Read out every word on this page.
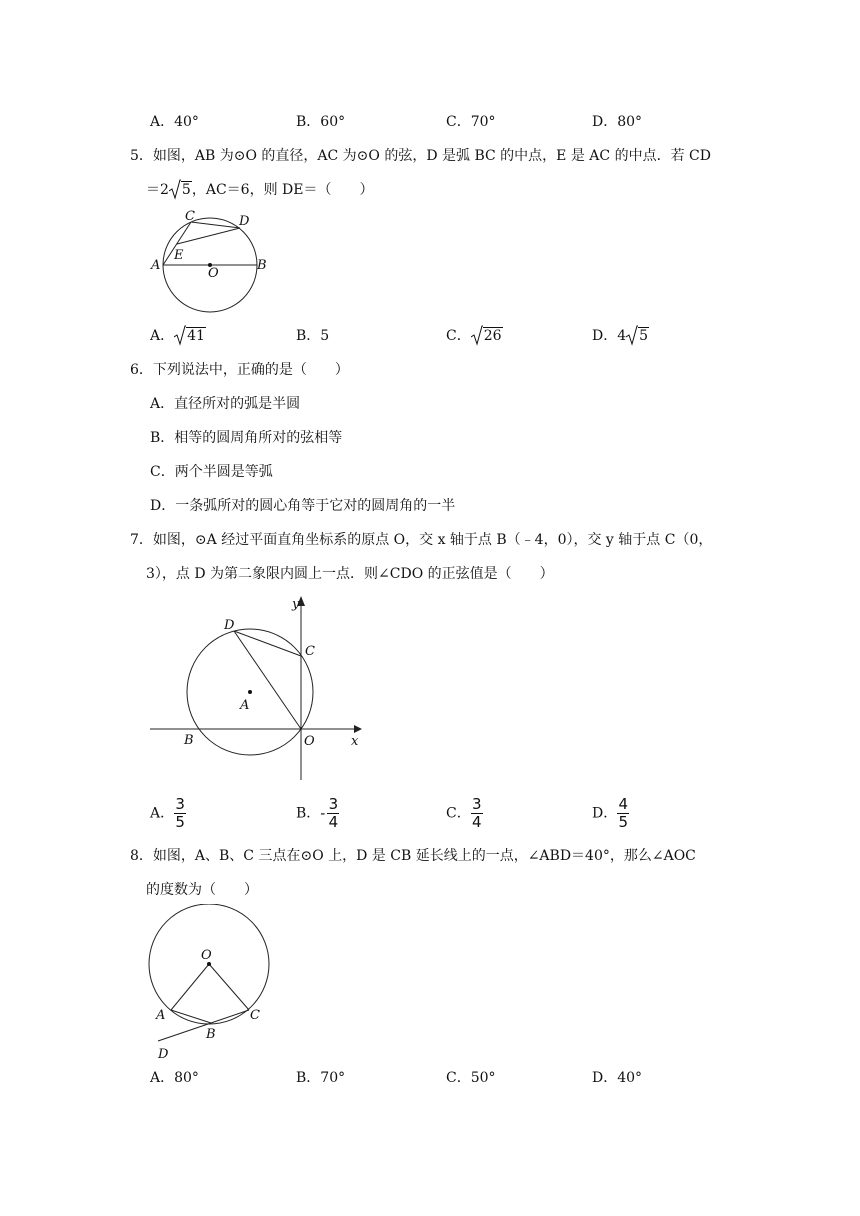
A．40°	B．60°	C．70°	D．80°
5．如图，AB 为⊙O 的直径，AC 为⊙O 的弦，D 是弧 BC 的中点，E 是 AC 的中点．若 CD
＝2 5，AC＝6，则 DE＝（　　）
C	D
E
A
O
B
A． 41	B．5	C． 26	D．4 5
6．下列说法中，正确的是（　　）
A．直径所对的弧是半圆
B．相等的圆周角所对的弦相等
C．两个半圆是等弧
D．一条弧所对的圆心角等于它对的圆周角的一半
7．如图，⊙A 经过平面直角坐标系的原点 O，交 x 轴于点 B（﹣4，0），交 y 轴于点 C（0，
3），点 D 为第二象限内圆上一点．则∠CDO 的正弦值是（　　）
y
D
C
A
B	O	x
A． $\frac{3}{5}$	B．- $\frac{3}{4}$	C． $\frac{3}{4}$	D． $\frac{4}{5}$
8．如图，A、B、C 三点在⊙O 上，D 是 CB 延长线上的一点，∠ABD＝40°，那么∠AOC
的度数为（　　）
O
A	C
B
D
A．80°	B．70°	C．50°	D．40°
